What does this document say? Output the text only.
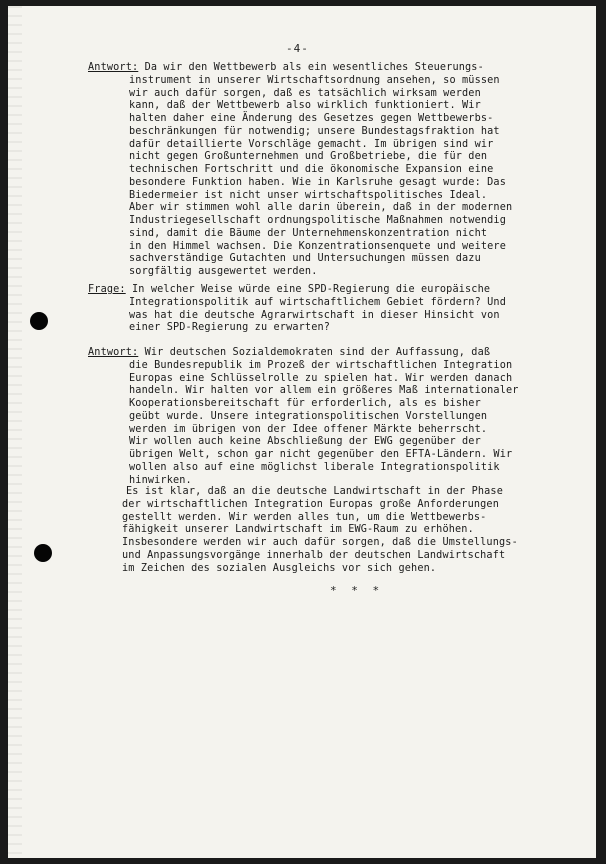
-4-
Antwort: Da wir den Wettbewerb als ein wesentliches Steuerungs-
instrument in unserer Wirtschaftsordnung ansehen, so müssen
wir auch dafür sorgen, daß es tatsächlich wirksam werden
kann, daß der Wettbewerb also wirklich funktioniert. Wir
halten daher eine Änderung des Gesetzes gegen Wettbewerbs-
beschränkungen für notwendig; unsere Bundestagsfraktion hat
dafür detaillierte Vorschläge gemacht. Im übrigen sind wir
nicht gegen Großunternehmen und Großbetriebe, die für den
technischen Fortschritt und die ökonomische Expansion eine
besondere Funktion haben. Wie in Karlsruhe gesagt wurde: Das
Biedermeier ist nicht unser wirtschaftspolitisches Ideal.
Aber wir stimmen wohl alle darin überein, daß in der modernen
Industriegesellschaft ordnungspolitische Maßnahmen notwendig
sind, damit die Bäume der Unternehmenskonzentration nicht
in den Himmel wachsen. Die Konzentrationsenquete und weitere
sachverständige Gutachten und Untersuchungen müssen dazu
sorgfältig ausgewertet werden.
Frage: In welcher Weise würde eine SPD-Regierung die europäische
Integrationspolitik auf wirtschaftlichem Gebiet fördern? Und
was hat die deutsche Agrarwirtschaft in dieser Hinsicht von
einer SPD-Regierung zu erwarten?
Antwort: Wir deutschen Sozialdemokraten sind der Auffassung, daß
die Bundesrepublik im Prozeß der wirtschaftlichen Integration
Europas eine Schlüsselrolle zu spielen hat. Wir werden danach
handeln. Wir halten vor allem ein größeres Maß internationaler
Kooperationsbereitschaft für erforderlich, als es bisher
geübt wurde. Unsere integrationspolitischen Vorstellungen
werden im übrigen von der Idee offener Märkte beherrscht.
Wir wollen auch keine Abschließung der EWG gegenüber der
übrigen Welt, schon gar nicht gegenüber den EFTA-Ländern. Wir
wollen also auf eine möglichst liberale Integrationspolitik
hinwirken.
Es ist klar, daß an die deutsche Landwirtschaft in der Phase
der wirtschaftlichen Integration Europas große Anforderungen
gestellt werden. Wir werden alles tun, um die Wettbewerbs-
fähigkeit unserer Landwirtschaft im EWG-Raum zu erhöhen.
Insbesondere werden wir auch dafür sorgen, daß die Umstellungs-
und Anpassungsvorgänge innerhalb der deutschen Landwirtschaft
im Zeichen des sozialen Ausgleichs vor sich gehen.
* * *
